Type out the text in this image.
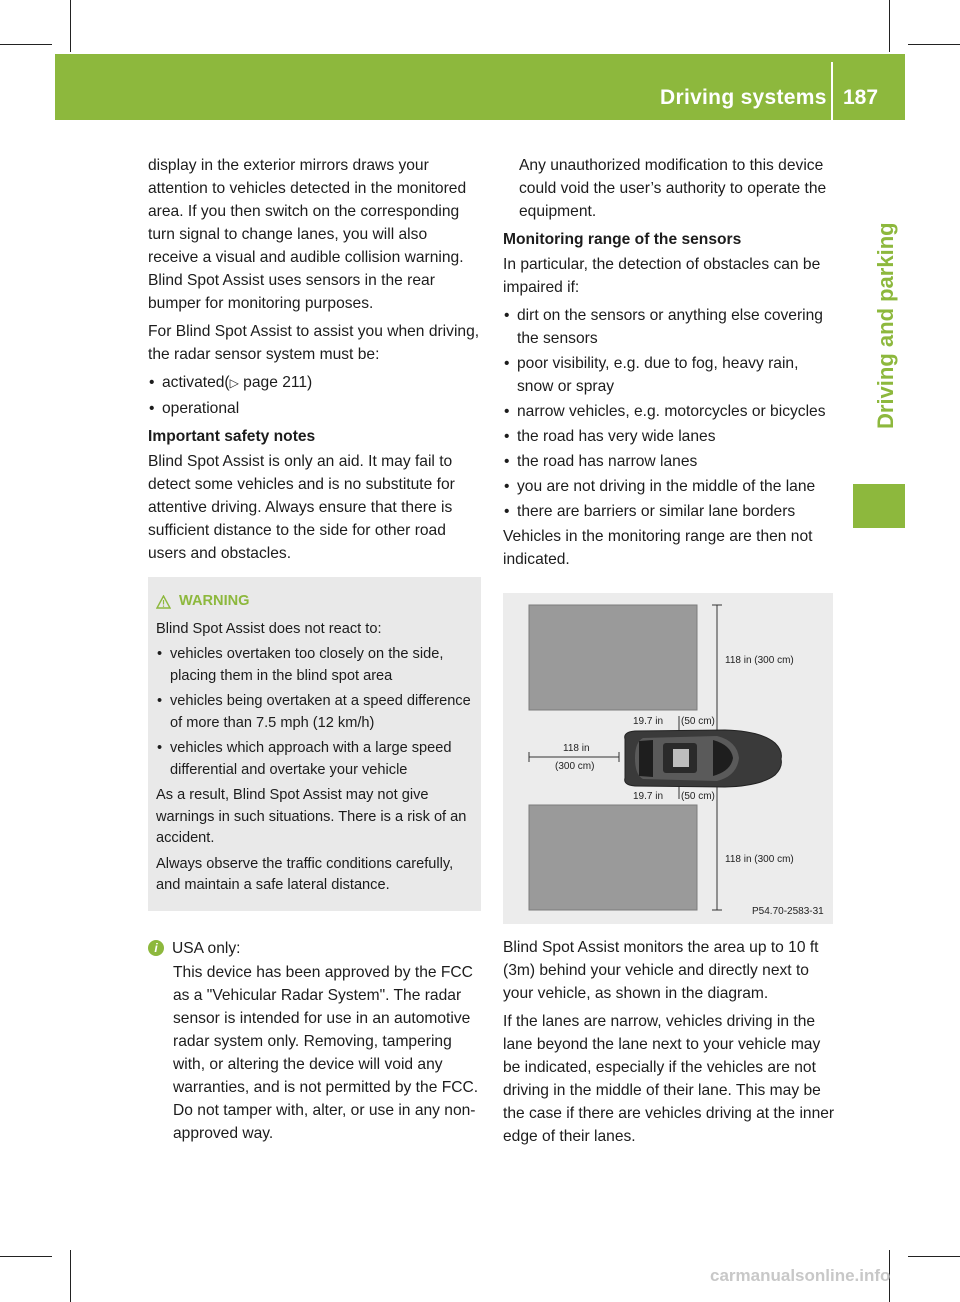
Driving systems 187
Driving and parking

display in the exterior mirrors draws your attention to vehicles detected in the monitored area. If you then switch on the corresponding turn signal to change lanes, you will also receive a visual and audible collision warning. Blind Spot Assist uses sensors in the rear bumper for monitoring purposes.

For Blind Spot Assist to assist you when driving, the radar sensor system must be:

• activated(▷ page 211)
• operational
Important safety notes

Blind Spot Assist is only an aid. It may fail to detect some vehicles and is no substitute for attentive driving. Always ensure that there is sufficient distance to the side for other road users and obstacles.

WARNING

Blind Spot Assist does not react to:

• vehicles overtaken too closely on the side, placing them in the blind spot area
• vehicles being overtaken at a speed difference of more than 7.5 mph (12 km/h)
• vehicles which approach with a large speed differential and overtake your vehicle

As a result, Blind Spot Assist may not give warnings in such situations. There is a risk of an accident.

Always observe the traffic conditions carefully, and maintain a safe lateral distance.

i USA only:
This device has been approved by the FCC as a "Vehicular Radar System". The radar sensor is intended for use in an automotive radar system only. Removing, tampering with, or altering the device will void any warranties, and is not permitted by the FCC. Do not tamper with, alter, or use in any non-approved way.

Any unauthorized modification to this device could void the user’s authority to operate the equipment.

Monitoring range of the sensors

In particular, the detection of obstacles can be impaired if:

• dirt on the sensors or anything else covering the sensors
• poor visibility, e.g. due to fog, heavy rain, snow or spray
• narrow vehicles, e.g. motorcycles or bicycles
• the road has very wide lanes
• the road has narrow lanes
• you are not driving in the middle of the lane
• there are barriers or similar lane borders

Vehicles in the monitoring range are then not indicated.

118 in (300 cm)
118 in (300 cm)
19.7 in (50 cm)
19.7 in (50 cm)
118 in
(300 cm)
P54.70-2583-31

Blind Spot Assist monitors the area up to 10 ft (3m) behind your vehicle and directly next to your vehicle, as shown in the diagram.

If the lanes are narrow, vehicles driving in the lane beyond the lane next to your vehicle may be indicated, especially if the vehicles are not driving in the middle of their lane. This may be the case if there are vehicles driving at the inner edge of their lanes.

carmanualsonline.info
